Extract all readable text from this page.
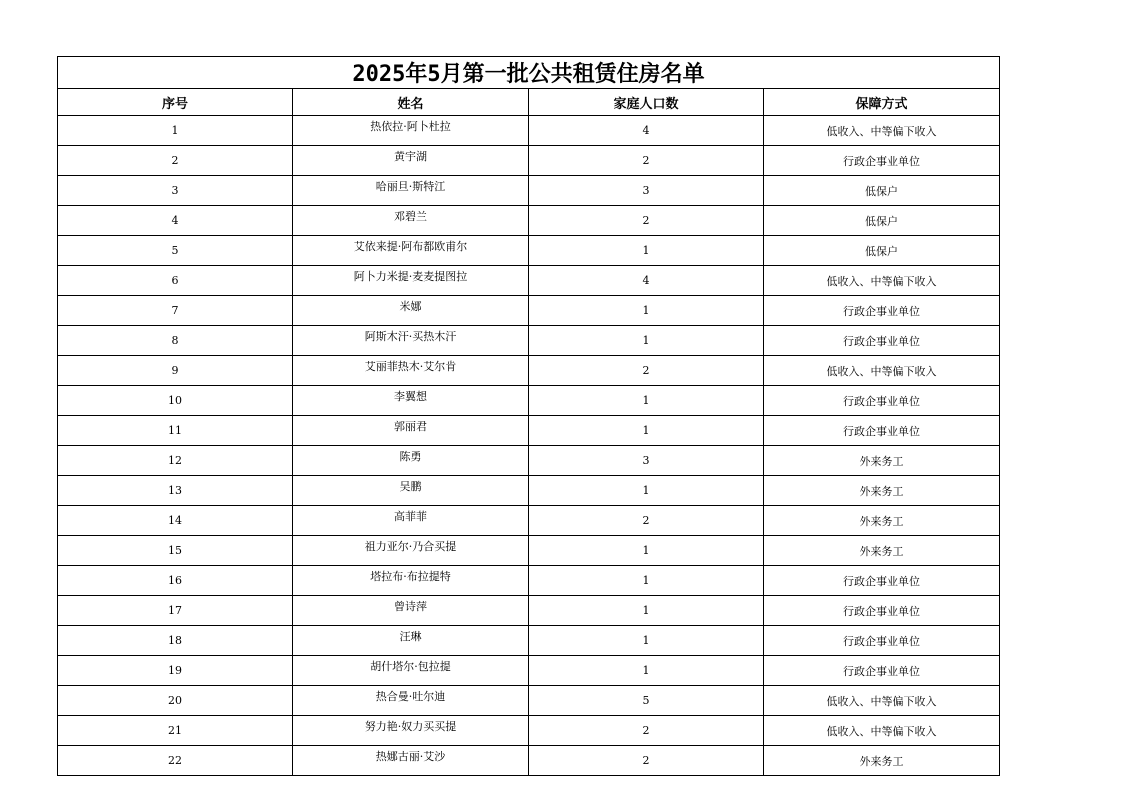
2025年5月第一批公共租赁住房名单			
序号	姓名	家庭人口数	保障方式
1	热依拉·阿卜杜拉	4	低收入、中等偏下收入
2	黄宇湖	2	行政企事业单位
3	哈丽旦·斯特江	3	低保户
4	邓碧兰	2	低保户
5	艾依来提·阿布都欧甫尔	1	低保户
6	阿卜力米提·麦麦提图拉	4	低收入、中等偏下收入
7	米娜	1	行政企事业单位
8	阿斯木汗·买热木汗	1	行政企事业单位
9	艾丽菲热木·艾尔肯	2	低收入、中等偏下收入
10	李翼想	1	行政企事业单位
11	郭丽君	1	行政企事业单位
12	陈勇	3	外来务工
13	吴鹏	1	外来务工
14	高菲菲	2	外来务工
15	祖力亚尔·乃合买提	1	外来务工
16	塔拉布·布拉提特	1	行政企事业单位
17	曾诗萍	1	行政企事业单位
18	汪琳	1	行政企事业单位
19	胡什塔尔·包拉提	1	行政企事业单位
20	热合曼·吐尔迪	5	低收入、中等偏下收入
21	努力艳·奴力买买提	2	低收入、中等偏下收入
22	热娜古丽·艾沙	2	外来务工
